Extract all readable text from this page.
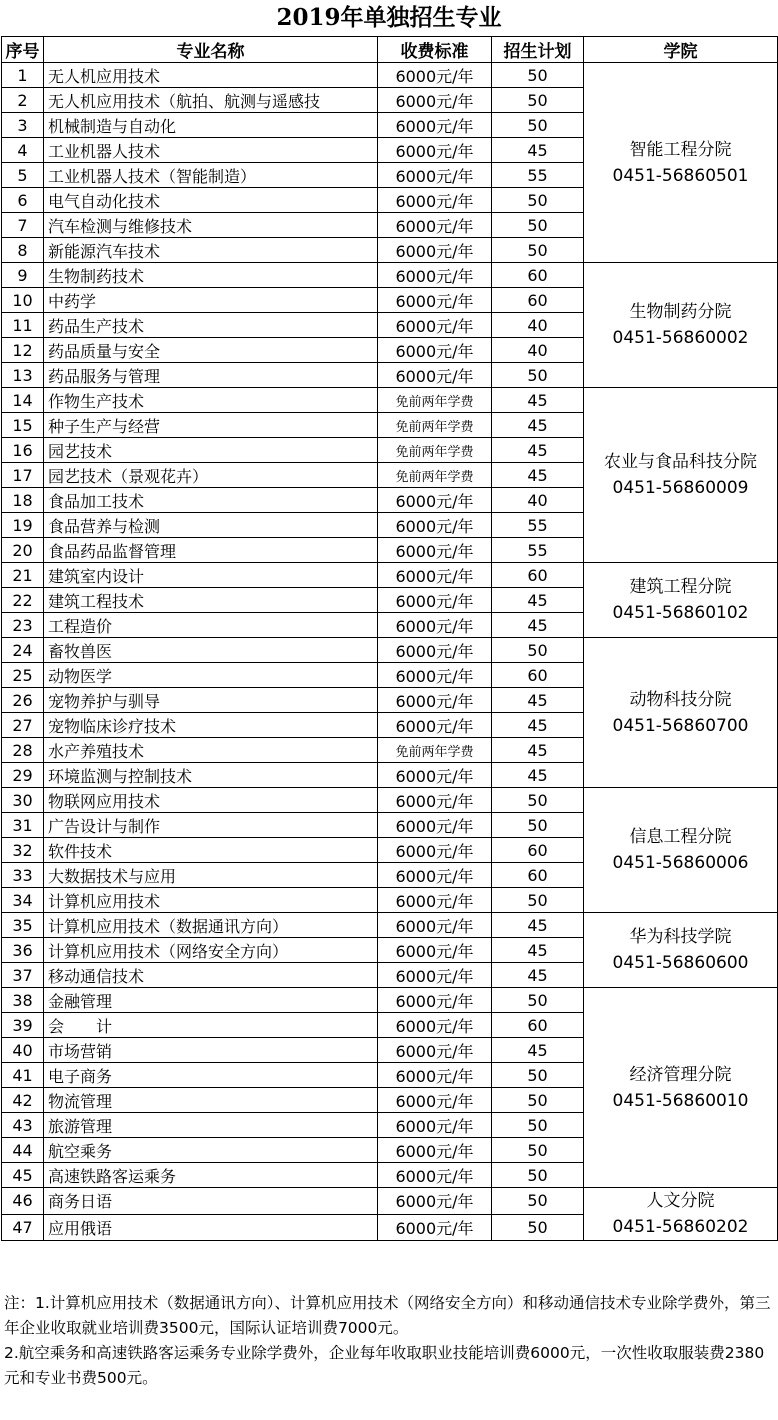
2019年单独招生专业
序号	专业名称	收费标准	招生计划	学院
1	无人机应用技术	6000元/年	50	智能工程分院
0451-56860501

2	无人机应用技术（航拍、航测与遥感技	6000元/年	50	
3	机械制造与自动化	6000元/年	50	
4	工业机器人技术	6000元/年	45	
5	工业机器人技术（智能制造）	6000元/年	55	
6	电气自动化技术	6000元/年	50	
7	汽车检测与维修技术	6000元/年	50	
8	新能源汽车技术	6000元/年	50	
9	生物制药技术	6000元/年	60	生物制药分院
0451-56860002

10	中药学	6000元/年	60	
11	药品生产技术	6000元/年	40	
12	药品质量与安全	6000元/年	40	
13	药品服务与管理	6000元/年	50	
14	作物生产技术	免前两年学费	45	农业与食品科技分院
0451-56860009

15	种子生产与经营	免前两年学费	45	
16	园艺技术	免前两年学费	45	
17	园艺技术（景观花卉）	免前两年学费	45	
18	食品加工技术	6000元/年	40	
19	食品营养与检测	6000元/年	55	
20	食品药品监督管理	6000元/年	55	
21	建筑室内设计	6000元/年	60	建筑工程分院
0451-56860102

22	建筑工程技术	6000元/年	45	
23	工程造价	6000元/年	45	
24	畜牧兽医	6000元/年	50	动物科技分院
0451-56860700

25	动物医学	6000元/年	60	
26	宠物养护与驯导	6000元/年	45	
27	宠物临床诊疗技术	6000元/年	45	
28	水产养殖技术	免前两年学费	45	
29	环境监测与控制技术	6000元/年	45	
30	物联网应用技术	6000元/年	50	信息工程分院
0451-56860006

31	广告设计与制作	6000元/年	50	
32	软件技术	6000元/年	60	
33	大数据技术与应用	6000元/年	60	
34	计算机应用技术	6000元/年	50	
35	计算机应用技术（数据通讯方向）	6000元/年	45	华为科技学院
0451-56860600

36	计算机应用技术（网络安全方向）	6000元/年	45	
37	移动通信技术	6000元/年	45	
38	金融管理	6000元/年	50	经济管理分院
0451-56860010

39	会　　计	6000元/年	60	
40	市场营销	6000元/年	45	
41	电子商务	6000元/年	50	
42	物流管理	6000元/年	50	
43	旅游管理	6000元/年	50	
44	航空乘务	6000元/年	50	
45	高速铁路客运乘务	6000元/年	50	
46	商务日语	6000元/年	50	人文分院
0451-56860202

47	应用俄语	6000元/年	50	

注：1.计算机应用技术（数据通讯方向）、计算机应用技术（网络安全方向）和移动通信技术专业除学费外，第三年企业收取就业培训费3500元，国际认证培训费7000元。

2.航空乘务和高速铁路客运乘务专业除学费外，企业每年收取职业技能培训费6000元，一次性收取服装费2380元和专业书费500元。
